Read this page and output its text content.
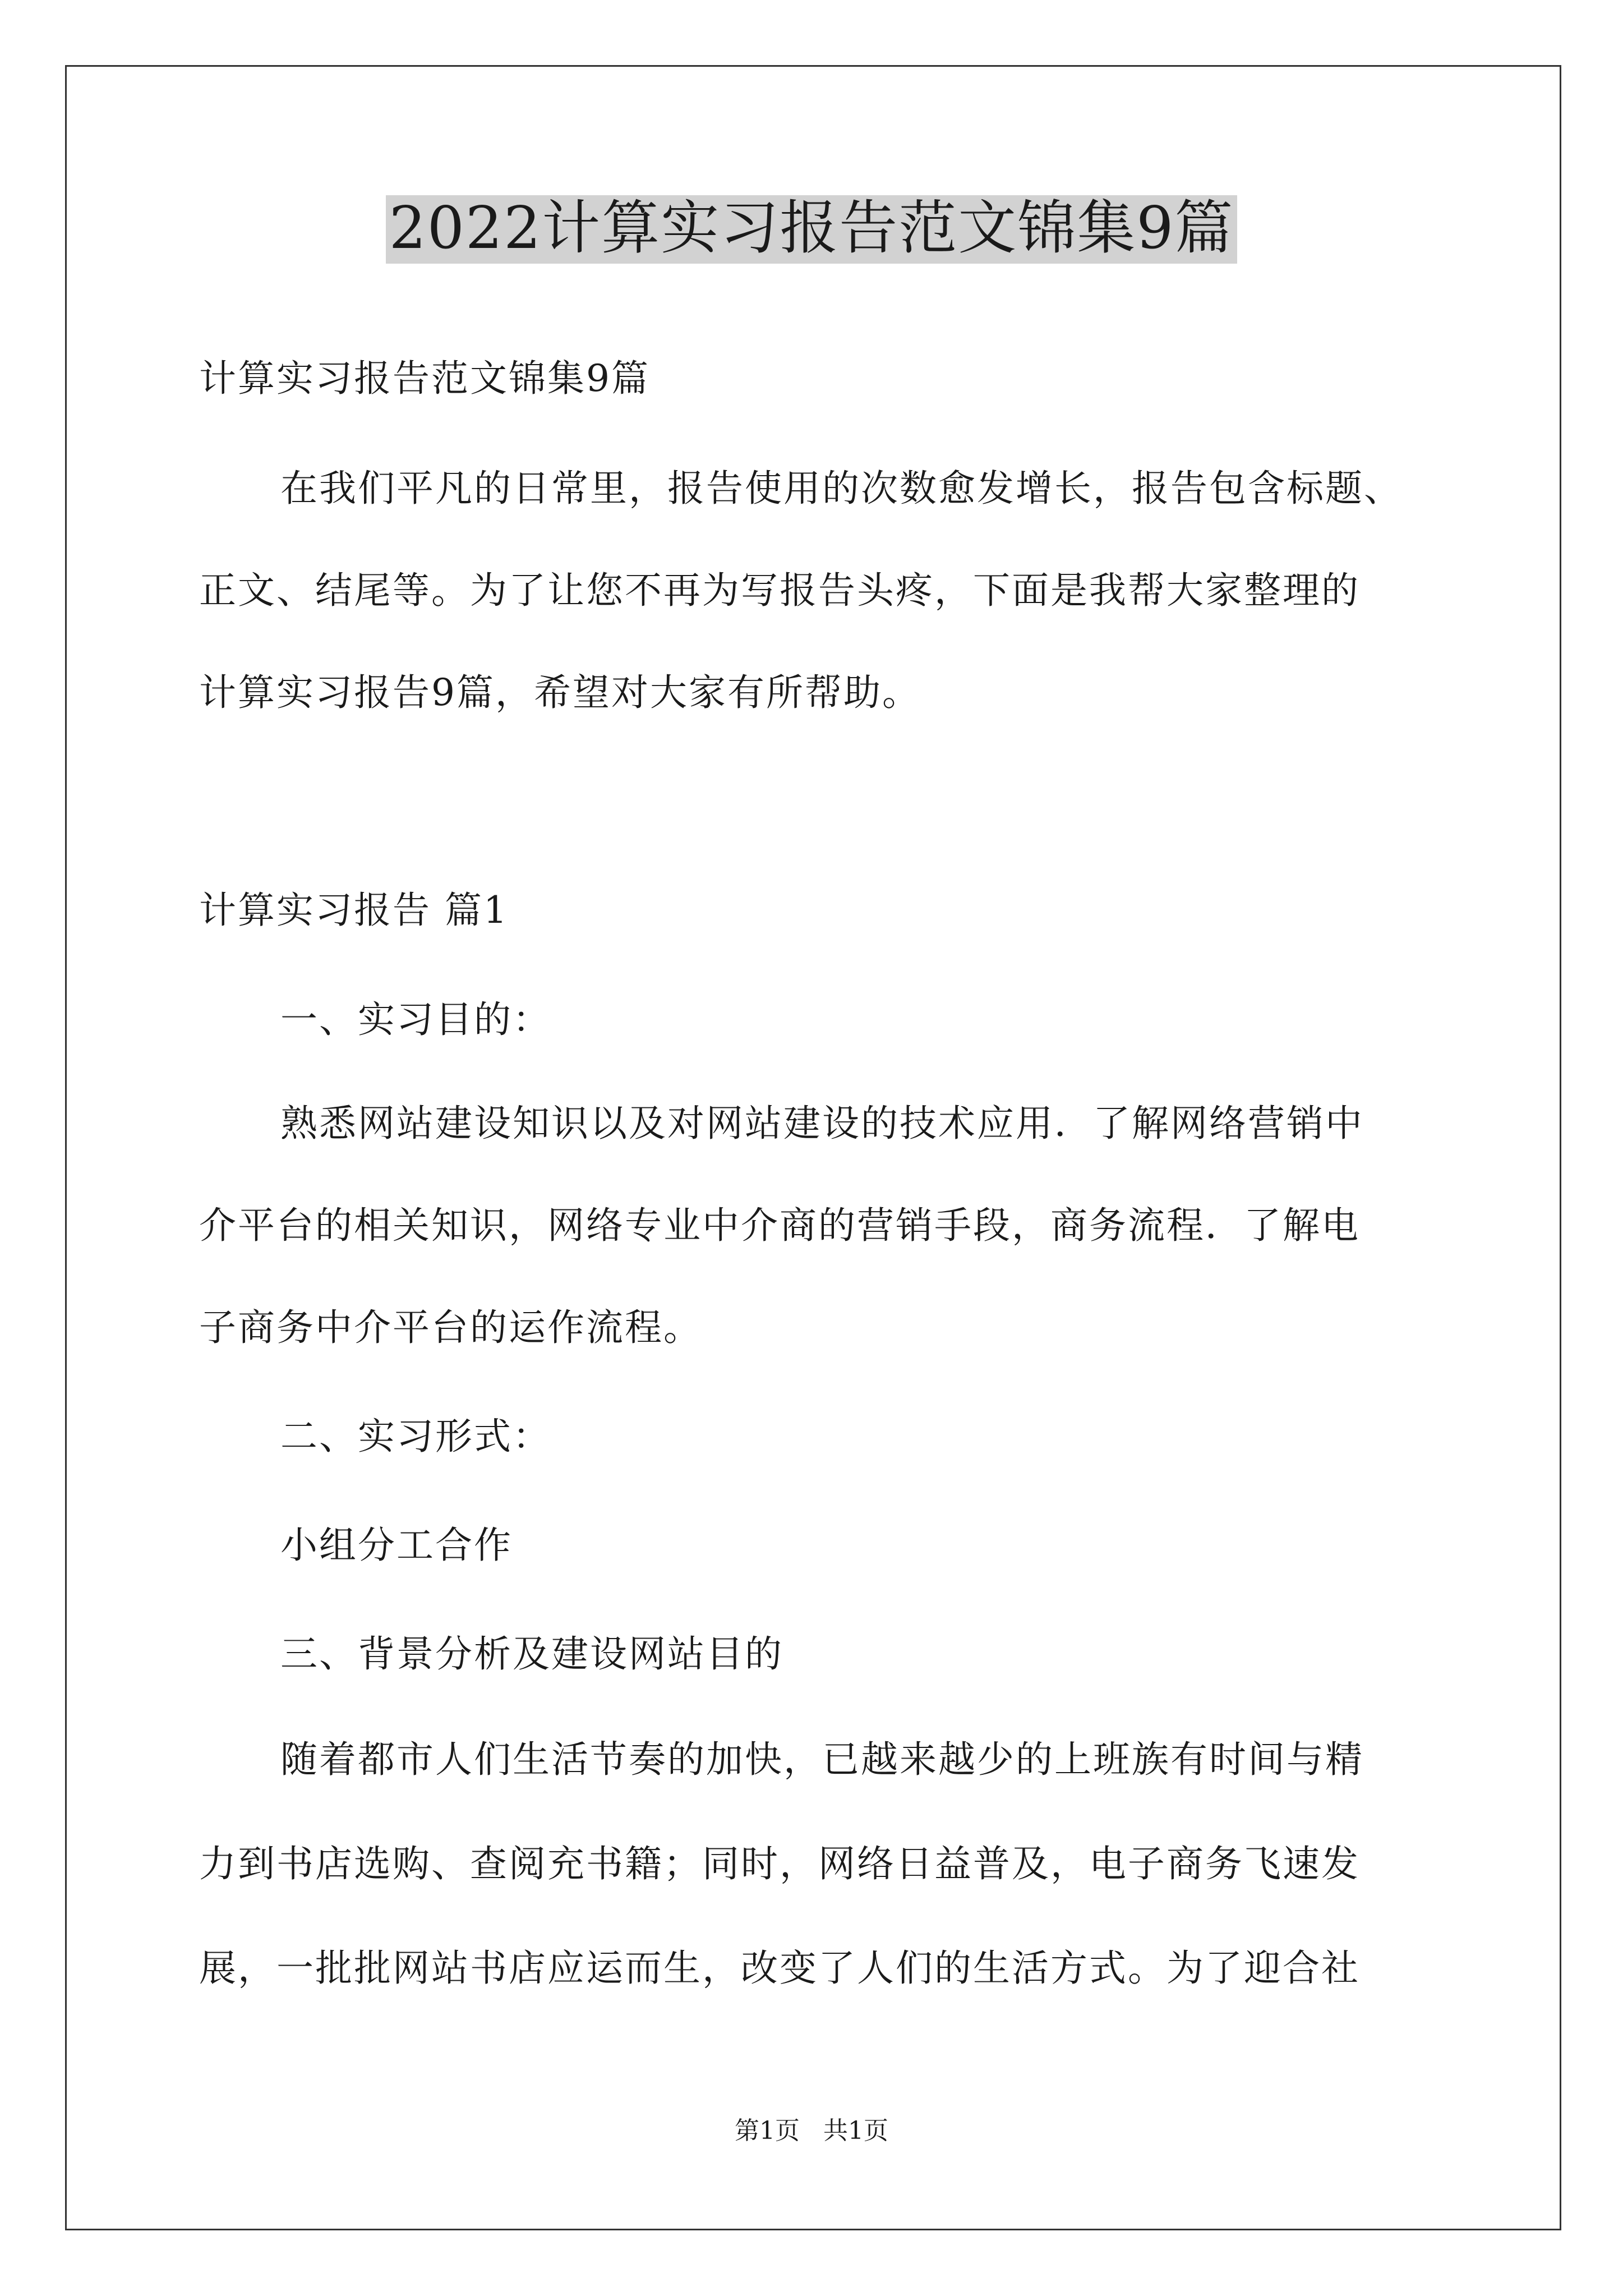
2022计算实习报告范文锦集9篇
计算实习报告范文锦集9篇
在我们平凡的日常里，报告使用的次数愈发增长，报告包含标题、
正文、结尾等。为了让您不再为写报告头疼，下面是我帮大家整理的
计算实习报告9篇，希望对大家有所帮助。
计算实习报告 篇1
一、实习目的：
熟悉网站建设知识以及对网站建设的技术应用．了解网络营销中
介平台的相关知识，网络专业中介商的营销手段，商务流程．了解电
子商务中介平台的运作流程。
二、实习形式：
小组分工合作
三、背景分析及建设网站目的
随着都市人们生活节奏的加快，已越来越少的上班族有时间与精
力到书店选购、查阅充书籍；同时，网络日益普及，电子商务飞速发
展，一批批网站书店应运而生，改变了人们的生活方式。为了迎合社
第1页   共1页
